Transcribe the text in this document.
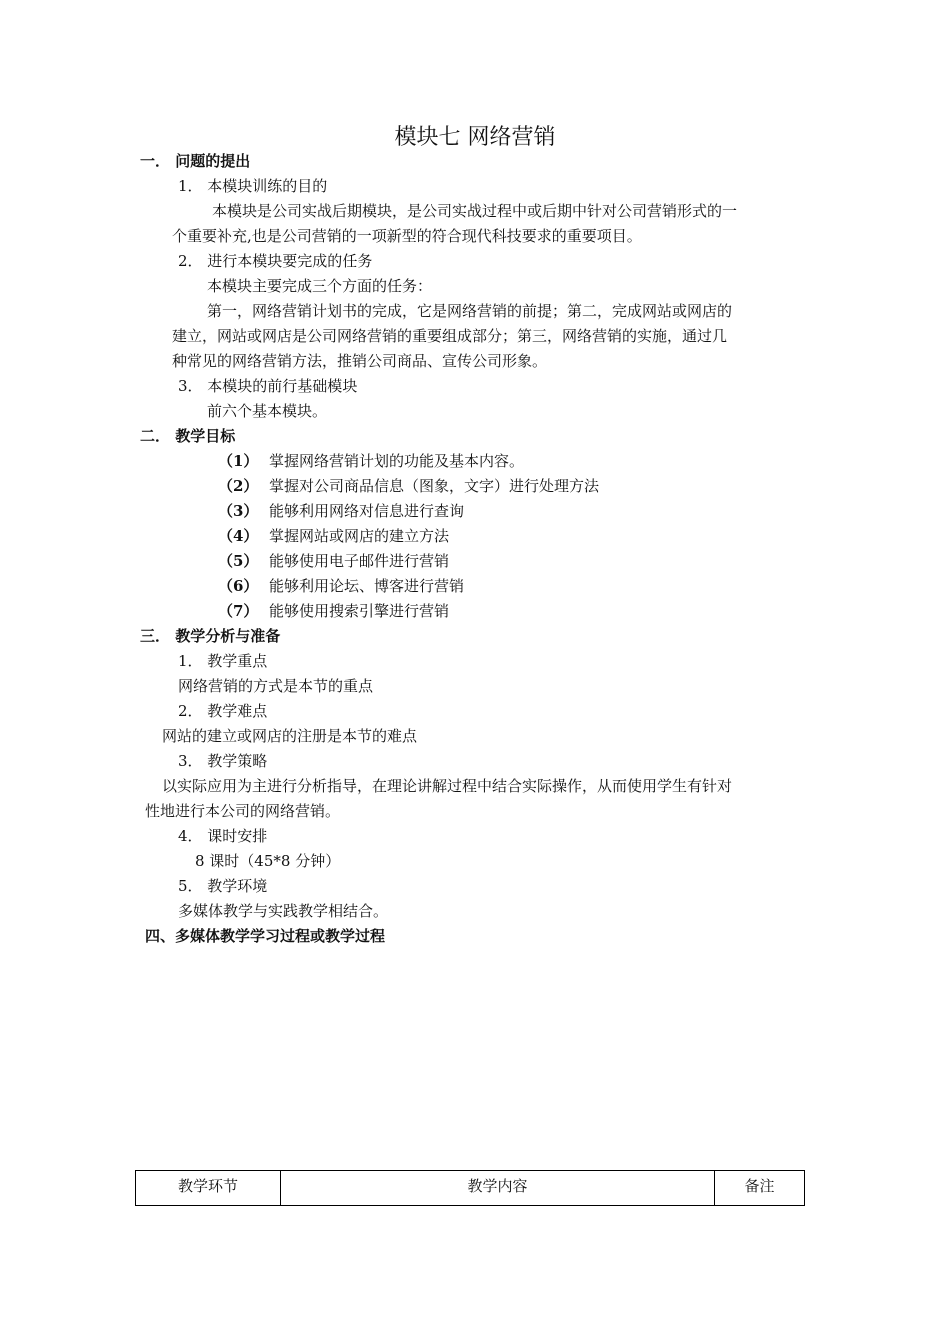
模块七 网络营销
一． 问题的提出
1． 本模块训练的目的
本模块是公司实战后期模块，是公司实战过程中或后期中针对公司营销形式的一
个重要补充,也是公司营销的一项新型的符合现代科技要求的重要项目。
2． 进行本模块要完成的任务
本模块主要完成三个方面的任务：
第一，网络营销计划书的完成，它是网络营销的前提；第二，完成网站或网店的
建立，网站或网店是公司网络营销的重要组成部分；第三，网络营销的实施，通过几
种常见的网络营销方法，推销公司商品、宣传公司形象。
3． 本模块的前行基础模块
前六个基本模块。
二． 教学目标
（1） 掌握网络营销计划的功能及基本内容。
（2） 掌握对公司商品信息（图象，文字）进行处理方法
（3） 能够利用网络对信息进行查询
（4） 掌握网站或网店的建立方法
（5） 能够使用电子邮件进行营销
（6） 能够利用论坛、博客进行营销
（7） 能够使用搜索引擎进行营销
三． 教学分析与准备
1． 教学重点
网络营销的方式是本节的重点
2． 教学难点
网站的建立或网店的注册是本节的难点
3． 教学策略
以实际应用为主进行分析指导，在理论讲解过程中结合实际操作，从而使用学生有针对
性地进行本公司的网络营销。
4． 课时安排
8 课时（45*8 分钟）
5． 教学环境
多媒体教学与实践教学相结合。
四、多媒体教学学习过程或教学过程
教学环节	教学内容	备注
